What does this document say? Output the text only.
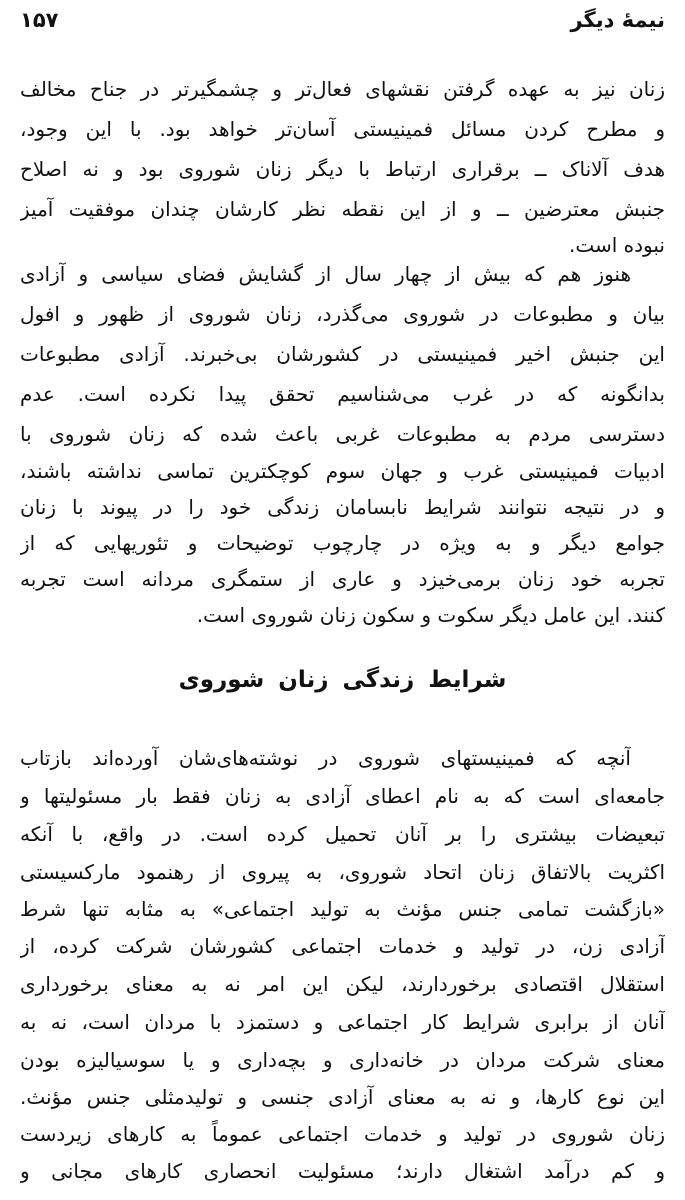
نیمهٔ دیگر
۱۵۷
زنان نیز به عهده گرفتن نقشهای فعال‌تر و چشمگیرتر در جناح مخالف
و مطرح کردن مسائل فمینیستی آسان‌تر خواهد بود. با این وجود،
هدف آلاناک ــ برقراری ارتباط با دیگر زنان شوروی بود و نه اصلاح
جنبش معترضین ــ و از این نقطه نظر کارشان چندان موفقیت آمیز
نبوده است.
هنوز هم که بیش از چهار سال از گشایش فضای سیاسی و آزادی
بیان و مطبوعات در شوروی می‌گذرد، زنان شوروی از ظهور و افول
این جنبش اخیر فمینیستی در کشورشان بی‌خبرند. آزادی مطبوعات
بدانگونه که در غرب می‌شناسیم تحقق پیدا نکرده است. عدم
دسترسی مردم به مطبوعات غربی باعث شده که زنان شوروی با
ادبیات فمینیستی غرب و جهان سوم کوچکترین تماسی نداشته باشند،
و در نتیجه نتوانند شرایط نابسامان زندگی خود را در پیوند با زنان
جوامع دیگر و به ویژه در چارچوب توضیحات و تئوریهایی که از
تجربه خود زنان برمی‌خیزد و عاری از ستمگری مردانه است تجربه
کنند. این عامل دیگر سکوت و سکون زنان شوروی است.
شرایط زندگی زنان شوروی
آنچه که فمینیستهای شوروی در نوشته‌های‌شان آورده‌اند بازتاب
جامعه‌ای است که به نام اعطای آزادی به زنان فقط بار مسئولیتها و
تبعیضات بیشتری را بر آنان تحمیل کرده است. در واقع، با آنکه
اکثریت بالاتفاق زنان اتحاد شوروی، به پیروی از رهنمود مارکسیستی
«بازگشت تمامی جنس مؤنث به تولید اجتماعی» به مثابه تنها شرط
آزادی زن، در تولید و خدمات اجتماعی کشورشان شرکت کرده، از
استقلال اقتصادی برخوردارند، لیکن این امر نه به معنای برخورداری
آنان از برابری شرایط کار اجتماعی و دستمزد با مردان است، نه به
معنای شرکت مردان در خانه‌داری و بچه‌داری و یا سوسیالیزه بودن
این نوع کارها، و نه به معنای آزادی جنسی و تولیدمثلی جنس مؤنث.
زنان شوروی در تولید و خدمات اجتماعی عموماً به کارهای زیردست
و کم درآمد اشتغال دارند؛ مسئولیت انحصاری کارهای مجانی و
